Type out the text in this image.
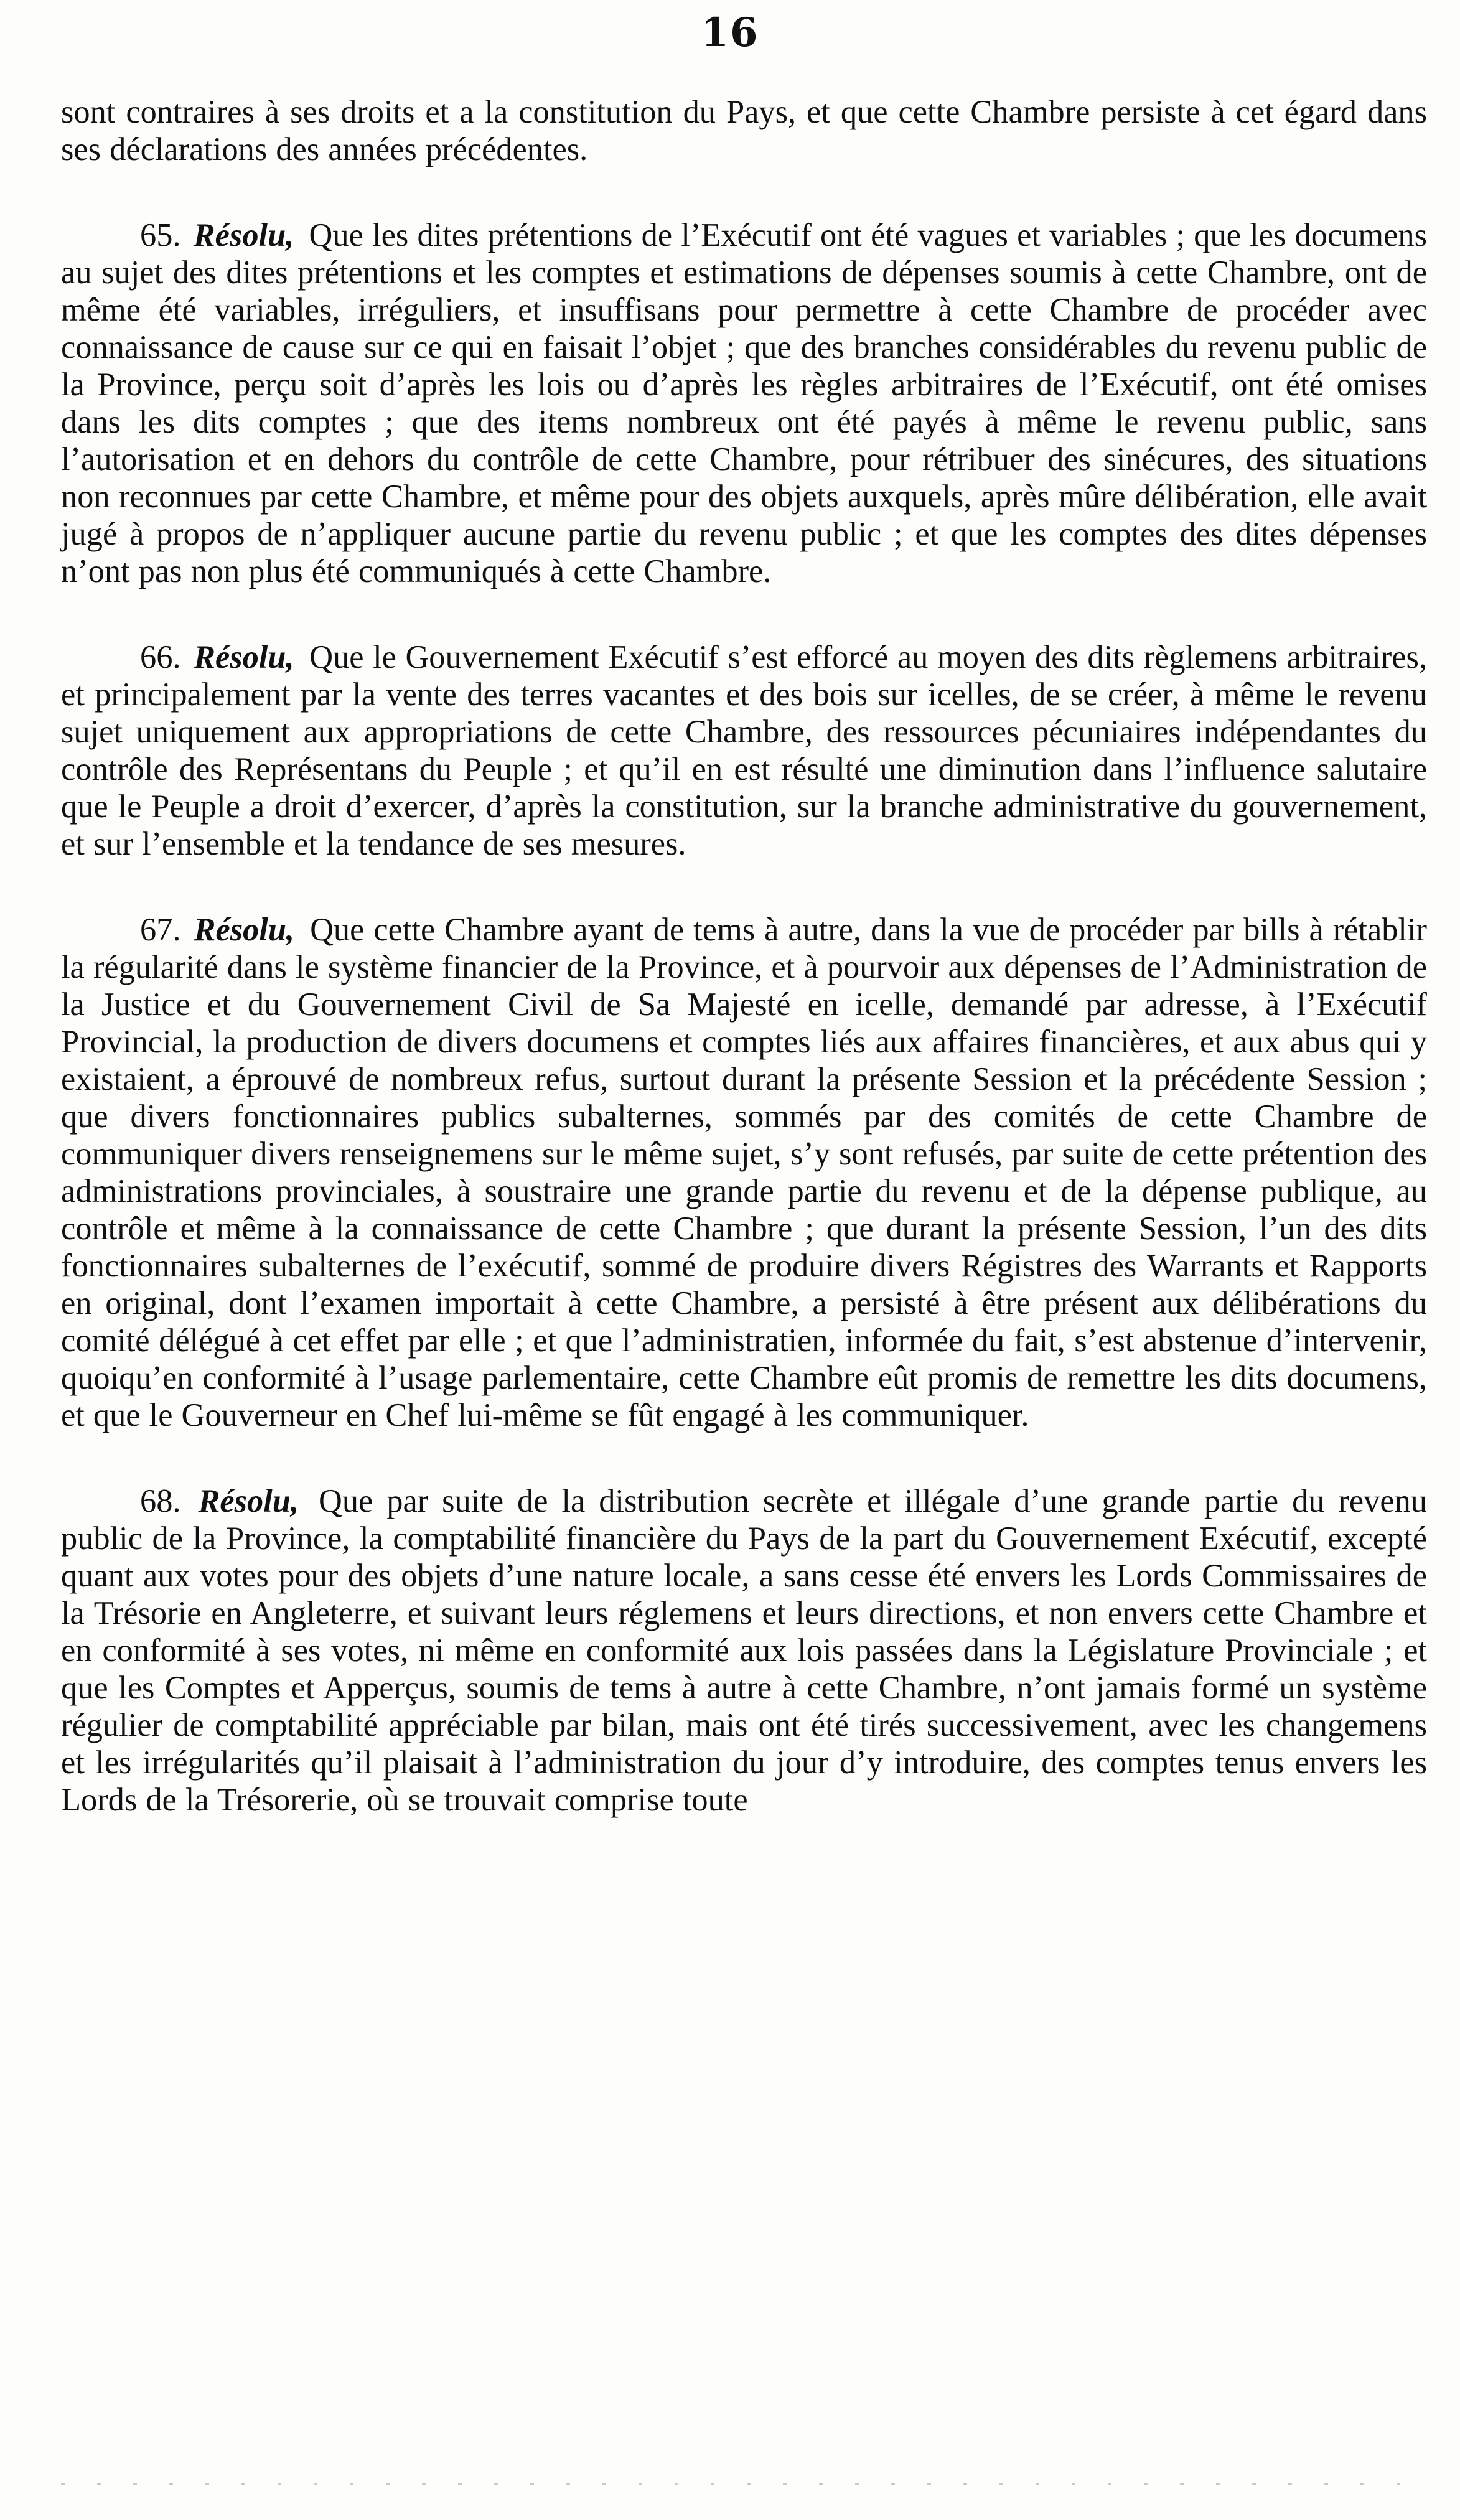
16

sont contraires à ses droits et a la constitution du Pays, et que cette Chambre persiste à cet égard dans ses déclarations des années précédentes.

65. Résolu, Que les dites prétentions de l’Exécutif ont été vagues et variables ; que les documens au sujet des dites prétentions et les comptes et estimations de dépenses soumis à cette Chambre, ont de même été variables, irréguliers, et insuffisans pour permettre à cette Chambre de procéder avec connaissance de cause sur ce qui en faisait l’objet ; que des branches considérables du revenu public de la Province, perçu soit d’après les lois ou d’après les règles arbitraires de l’Exécutif, ont été omises dans les dits comptes ; que des items nombreux ont été payés à même le revenu public, sans l’autorisation et en dehors du contrôle de cette Chambre, pour rétribuer des sinécures, des situations non reconnues par cette Chambre, et même pour des objets auxquels, après mûre délibération, elle avait jugé à propos de n’appliquer aucune partie du revenu public ; et que les comptes des dites dépenses n’ont pas non plus été communiqués à cette Chambre.

66. Résolu, Que le Gouvernement Exécutif s’est efforcé au moyen des dits règlemens arbitraires, et principalement par la vente des terres vacantes et des bois sur icelles, de se créer, à même le revenu sujet uniquement aux appropriations de cette Chambre, des ressources pécuniaires indépendantes du contrôle des Représentans du Peuple ; et qu’il en est résulté une diminution dans l’influence salutaire que le Peuple a droit d’exercer, d’après la constitution, sur la branche administrative du gouvernement, et sur l’ensemble et la tendance de ses mesures.

67. Résolu, Que cette Chambre ayant de tems à autre, dans la vue de procéder par bills à rétablir la régularité dans le système financier de la Province, et à pourvoir aux dépenses de l’Administration de la Justice et du Gouvernement Civil de Sa Majesté en icelle, demandé par adresse, à l’Exécutif Provincial, la production de divers documens et comptes liés aux affaires financières, et aux abus qui y existaient, a éprouvé de nombreux refus, surtout durant la présente Session et la précédente Session ; que divers fonctionnaires publics subalternes, sommés par des comités de cette Chambre de communiquer divers renseignemens sur le même sujet, s’y sont refusés, par suite de cette prétention des administrations provinciales, à soustraire une grande partie du revenu et de la dépense publique, au contrôle et même à la connaissance de cette Chambre ; que durant la présente Session, l’un des dits fonctionnaires subalternes de l’exécutif, sommé de produire divers Régistres des Warrants et Rapports en original, dont l’examen importait à cette Chambre, a persisté à être présent aux délibérations du comité délégué à cet effet par elle ; et que l’administratien, informée du fait, s’est abstenue d’intervenir, quoiqu’en conformité à l’usage parlementaire, cette Chambre eût promis de remettre les dits documens, et que le Gouverneur en Chef lui-même se fût engagé à les communiquer.

68. Résolu, Que par suite de la distribution secrète et illégale d’une grande partie du revenu public de la Province, la comptabilité financière du Pays de la part du Gouvernement Exécutif, excepté quant aux votes pour des objets d’une nature locale, a sans cesse été envers les Lords Commissaires de la Trésorie en Angleterre, et suivant leurs réglemens et leurs directions, et non envers cette Chambre et en conformité à ses votes, ni même en conformité aux lois passées dans la Législature Provinciale ; et que les Comptes et Apperçus, soumis de tems à autre à cette Chambre, n’ont jamais formé un système régulier de comptabilité appréciable par bilan, mais ont été tirés successivement, avec les changemens et les irrégularités qu’il plaisait à l’administration du jour d’y introduire, des comptes tenus envers les Lords de la Trésorerie, où se trouvait comprise toute
